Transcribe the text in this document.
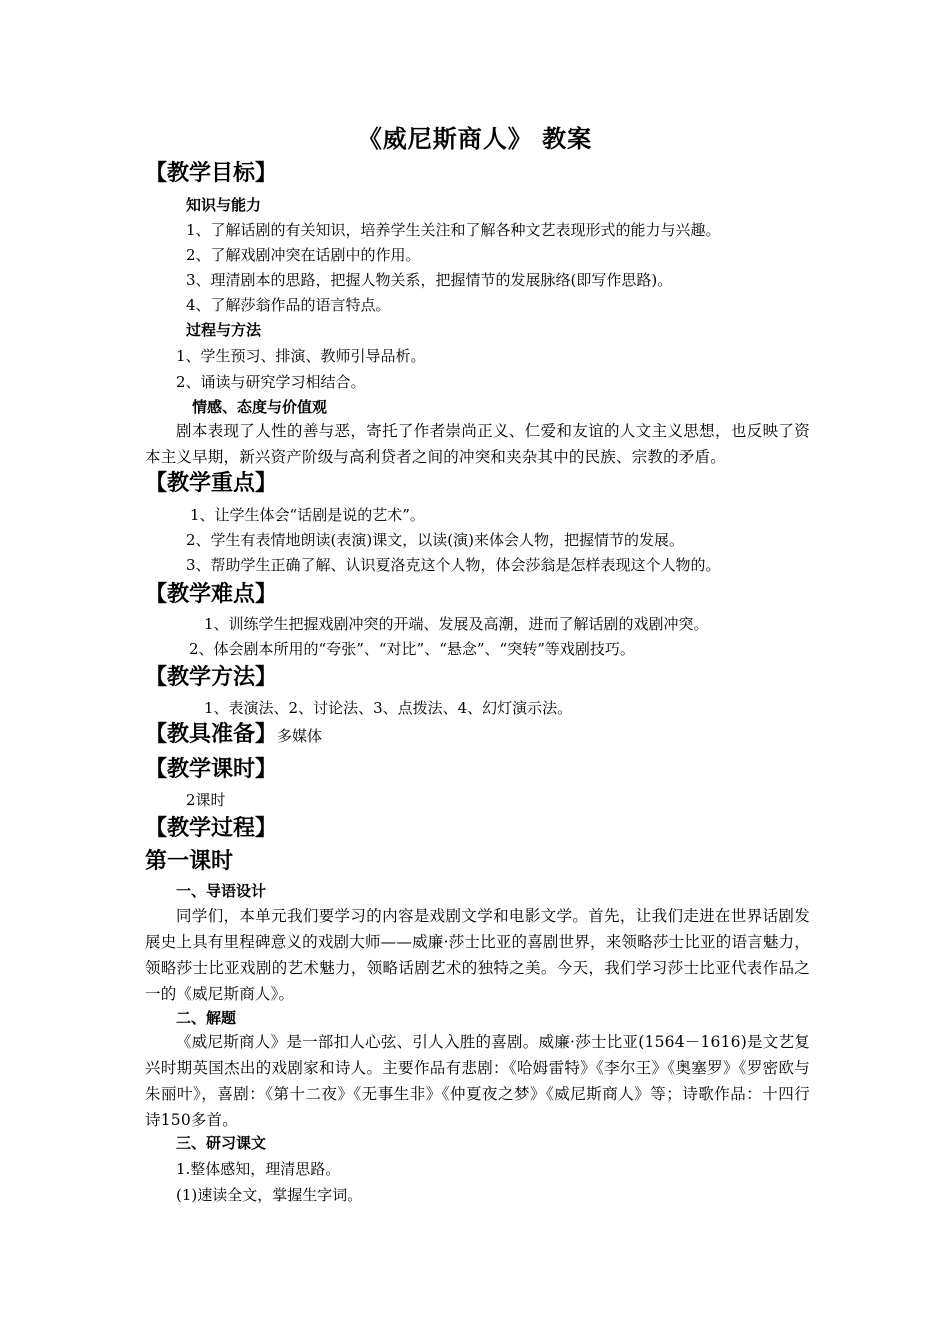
《威尼斯商人》 教案
【教学目标】
知识与能力
1、了解话剧的有关知识，培养学生关注和了解各种文艺表现形式的能力与兴趣。
2、了解戏剧冲突在话剧中的作用。
3、理清剧本的思路，把握人物关系，把握情节的发展脉络(即写作思路)。
4、了解莎翁作品的语言特点。
过程与方法
1、学生预习、排演、教师引导品析。
2、诵读与研究学习相结合。
情感、态度与价值观
剧本表现了人性的善与恶，寄托了作者崇尚正义、仁爱和友谊的人文主义思想，也反映了资本主义早期，新兴资产阶级与高利贷者之间的冲突和夹杂其中的民族、宗教的矛盾。
【教学重点】
1、让学生体会“话剧是说的艺术”。
2、学生有表情地朗读(表演)课文，以读(演)来体会人物，把握情节的发展。
3、帮助学生正确了解、认识夏洛克这个人物，体会莎翁是怎样表现这个人物的。
【教学难点】
1、训练学生把握戏剧冲突的开端、发展及高潮，进而了解话剧的戏剧冲突。
2、体会剧本所用的“夸张”、“对比”、“悬念”、“突转”等戏剧技巧。
【教学方法】
1、表演法、2、讨论法、3、点拨法、4、幻灯演示法。
【教具准备】多媒体
【教学课时】
2课时
【教学过程】
第一课时
一、导语设计
同学们，本单元我们要学习的内容是戏剧文学和电影文学。首先，让我们走进在世界话剧发展史上具有里程碑意义的戏剧大师——威廉·莎士比亚的喜剧世界，来领略莎士比亚的语言魅力，领略莎士比亚戏剧的艺术魅力，领略话剧艺术的独特之美。今天，我们学习莎士比亚代表作品之一的《威尼斯商人》。
二、解题
《威尼斯商人》是一部扣人心弦、引人入胜的喜剧。威廉·莎士比亚(1564－1616)是文艺复兴时期英国杰出的戏剧家和诗人。主要作品有悲剧：《哈姆雷特》《李尔王》《奥塞罗》《罗密欧与朱丽叶》，喜剧：《第十二夜》《无事生非》《仲夏夜之梦》《威尼斯商人》等；诗歌作品：十四行诗150多首。
三、研习课文
1.整体感知，理清思路。
(1)速读全文，掌握生字词。
